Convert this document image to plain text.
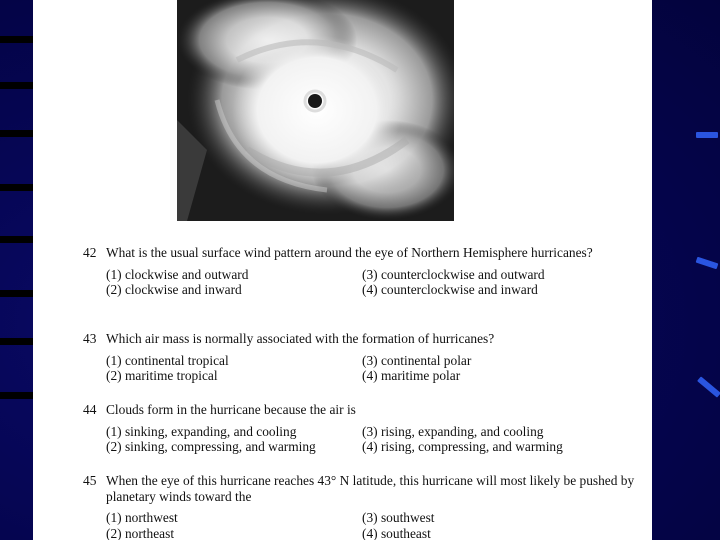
42 What is the usual surface wind pattern around the eye of Northern Hemisphere hurricanes?
(1) clockwise and outward	(3) counterclockwise and outward
(2) clockwise and inward	(4) counterclockwise and inward
43 Which air mass is normally associated with the formation of hurricanes?
(1) continental tropical	(3) continental polar
(2) maritime tropical	(4) maritime polar
44 Clouds form in the hurricane because the air is
(1) sinking, expanding, and cooling	(3) rising, expanding, and cooling
(2) sinking, compressing, and warming	(4) rising, compressing, and warming
45 When the eye of this hurricane reaches 43° N latitude, this hurricane will most likely be pushed by planetary winds toward the
(1) northwest	(3) southwest
(2) northeast	(4) southeast
